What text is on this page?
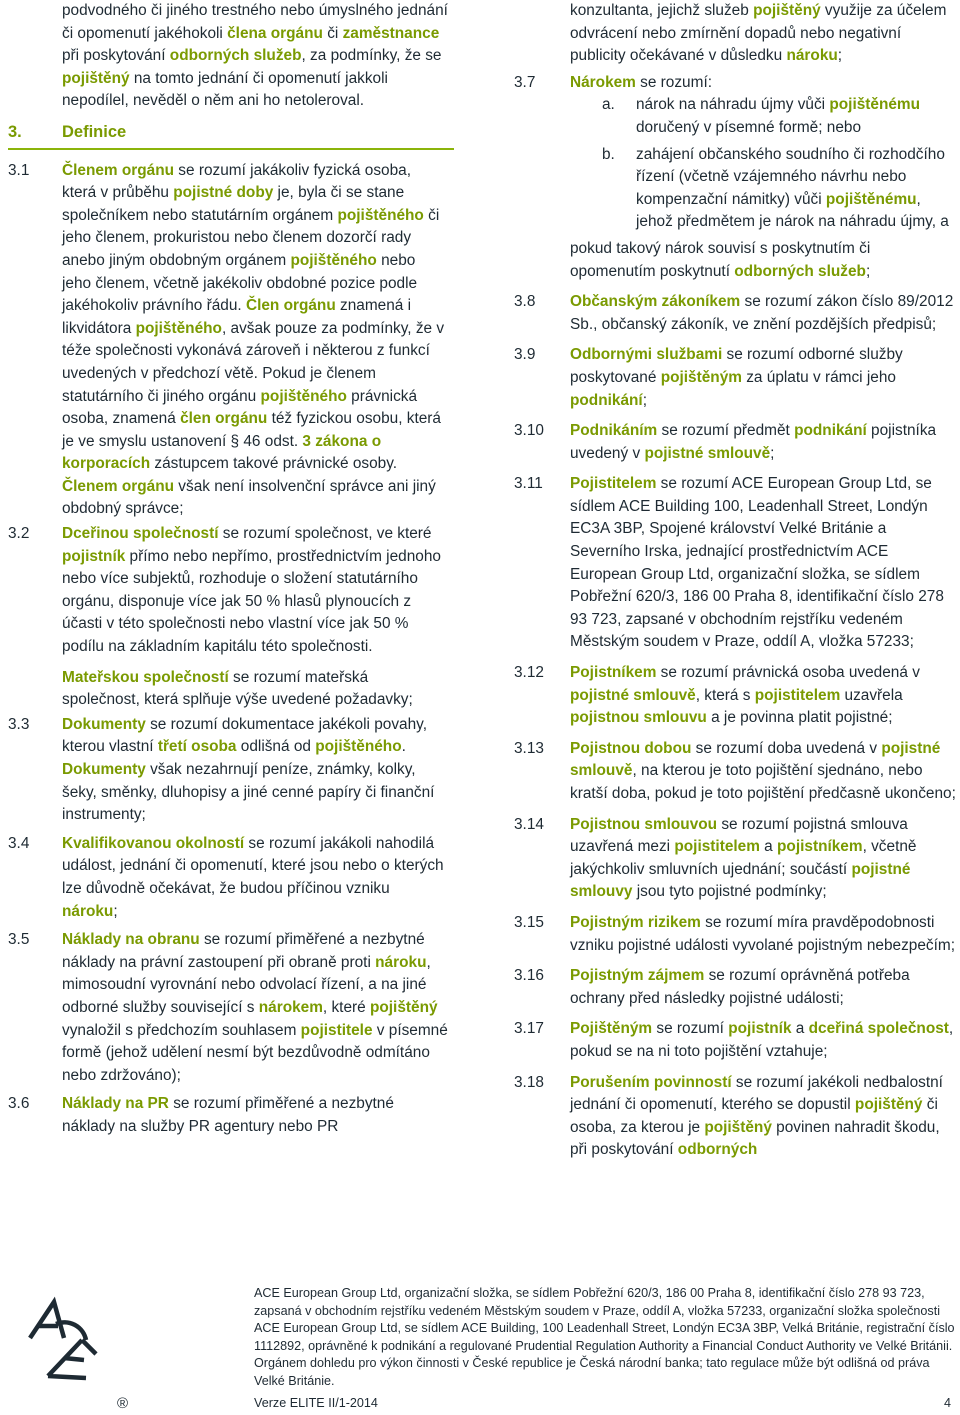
podvodného či jiného trestného nebo úmyslného jednání či opomenutí jakéhokoli člena orgánu či zaměstnance při poskytování odborných služeb, za podmínky, že se pojištěný na tomto jednání či opomenutí jakkoli nepodílel, nevěděl o něm ani ho netoleroval.

3. Definice
3.1	Členem orgánu se rozumí jakákoliv fyzická osoba, která v průběhu pojistné doby je, byla či se stane společníkem nebo statutárním orgánem pojištěného či jeho členem, prokuristou nebo členem dozorčí rady anebo jiným obdobným orgánem pojištěného nebo jeho členem, včetně jakékoliv obdobné pozice podle jakéhokoliv právního řádu. Člen orgánu znamená i likvidátora pojištěného, avšak pouze za podmínky, že v téže společnosti vykonává zároveň i některou z funkcí uvedených v předchozí větě. Pokud je členem statutárního či jiného orgánu pojištěného právnická osoba, znamená člen orgánu též fyzickou osobu, která je ve smyslu ustanovení § 46 odst. 3 zákona o korporacích zástupcem takové právnické osoby. Členem orgánu však není insolvenční správce ani jiný obdobný správce;
3.2	Dceřinou společností se rozumí společnost, ve které pojistník přímo nebo nepřímo, prostřednictvím jednoho nebo více subjektů, rozhoduje o složení statutárního orgánu, disponuje více jak 50 % hlasů plynoucích z účasti v této společnosti nebo vlastní více jak 50 % podílu na základním kapitálu této společnosti.

Mateřskou společností se rozumí mateřská společnost, která splňuje výše uvedené požadavky;

3.3	Dokumenty se rozumí dokumentace jakékoli povahy, kterou vlastní třetí osoba odlišná od pojištěného. Dokumenty však nezahrnují peníze, známky, kolky, šeky, směnky, dluhopisy a jiné cenné papíry či finanční instrumenty;
3.4	Kvalifikovanou okolností se rozumí jakákoli nahodilá událost, jednání či opomenutí, které jsou nebo o kterých lze důvodně očekávat, že budou příčinou vzniku nároku;
3.5	Náklady na obranu se rozumí přiměřené a nezbytné náklady na právní zastoupení při obraně proti nároku, mimosoudní vyrovnání nebo odvolací řízení, a na jiné odborné služby související s nárokem, které pojištěný vynaložil s předchozím souhlasem pojistitele v písemné formě (jehož udělení nesmí být bezdůvodně odmítáno nebo zdržováno);
3.6	Náklady na PR se rozumí přiměřené a nezbytné náklady na služby PR agentury nebo PR

konzultanta, jejichž služeb pojištěný využije za účelem odvrácení nebo zmírnění dopadů nebo negativní publicity očekávané v důsledku nároku;

3.7	Nárokem se rozumí:
a.	nárok na náhradu újmy vůči pojištěnému doručený v písemné formě; nebo
b.	zahájení občanského soudního či rozhodčího řízení (včetně vzájemného návrhu nebo kompenzační námitky) vůči pojištěnému, jehož předmětem je nárok na náhradu újmy, a

pokud takový nárok souvisí s poskytnutím či opomenutím poskytnutí odborných služeb;

3.8	Občanským zákoníkem se rozumí zákon číslo 89/2012 Sb., občanský zákoník, ve znění pozdějších předpisů;
3.9	Odbornými službami se rozumí odborné služby poskytované pojištěným za úplatu v rámci jeho podnikání;
3.10	Podnikáním se rozumí předmět podnikání pojistníka uvedený v pojistné smlouvě;
3.11	Pojistitelem se rozumí ACE European Group Ltd, se sídlem ACE Building 100, Leadenhall Street, Londýn EC3A 3BP, Spojené království Velké Británie a Severního Irska, jednající prostřednictvím ACE European Group Ltd, organizační složka, se sídlem Pobřežní 620/3, 186 00 Praha 8, identifikační číslo 278 93 723, zapsané v obchodním rejstříku vedeném Městským soudem v Praze, oddíl A, vložka 57233;
3.12	Pojistníkem se rozumí právnická osoba uvedená v pojistné smlouvě, která s pojistitelem uzavřela pojistnou smlouvu a je povinna platit pojistné;
3.13	Pojistnou dobou se rozumí doba uvedená v pojistné smlouvě, na kterou je toto pojištění sjednáno, nebo kratší doba, pokud je toto pojištění předčasně ukončeno;
3.14	Pojistnou smlouvou se rozumí pojistná smlouva uzavřená mezi pojistitelem a pojistníkem, včetně jakýchkoliv smluvních ujednání; součástí pojistné smlouvy jsou tyto pojistné podmínky;
3.15	Pojistným rizikem se rozumí míra pravděpodobnosti vzniku pojistné události vyvolané pojistným nebezpečím;
3.16	Pojistným zájmem se rozumí oprávněná potřeba ochrany před následky pojistné události;
3.17	Pojištěným se rozumí pojistník a dceřiná společnost, pokud se na ni toto pojištění vztahuje;
3.18	Porušením povinností se rozumí jakékoli nedbalostní jednání či opomenutí, kterého se dopustil pojištěný či osoba, za kterou je pojištěný povinen nahradit škodu, při poskytování odborných
ACE European Group Ltd, organizační složka, se sídlem Pobřežní 620/3, 186 00 Praha 8, identifikační číslo 278 93 723, zapsaná v obchodním rejstříku vedeném Městským soudem v Praze, oddíl A, vložka 57233, organizační složka společnosti ACE European Group Ltd, se sídlem ACE Building, 100 Leadenhall Street, Londýn EC3A 3BP, Velká Británie, registrační číslo 1112892, oprávněné k podnikání a regulované Prudential Regulation Authority a Financial Conduct Authority ve Velké Británii. Orgánem dohledu pro výkon činnosti v České republice je Česká národní banka; tato regulace může být odlišná od práva Velké Británie.
®	Verze ELITE II/1-2014	4
